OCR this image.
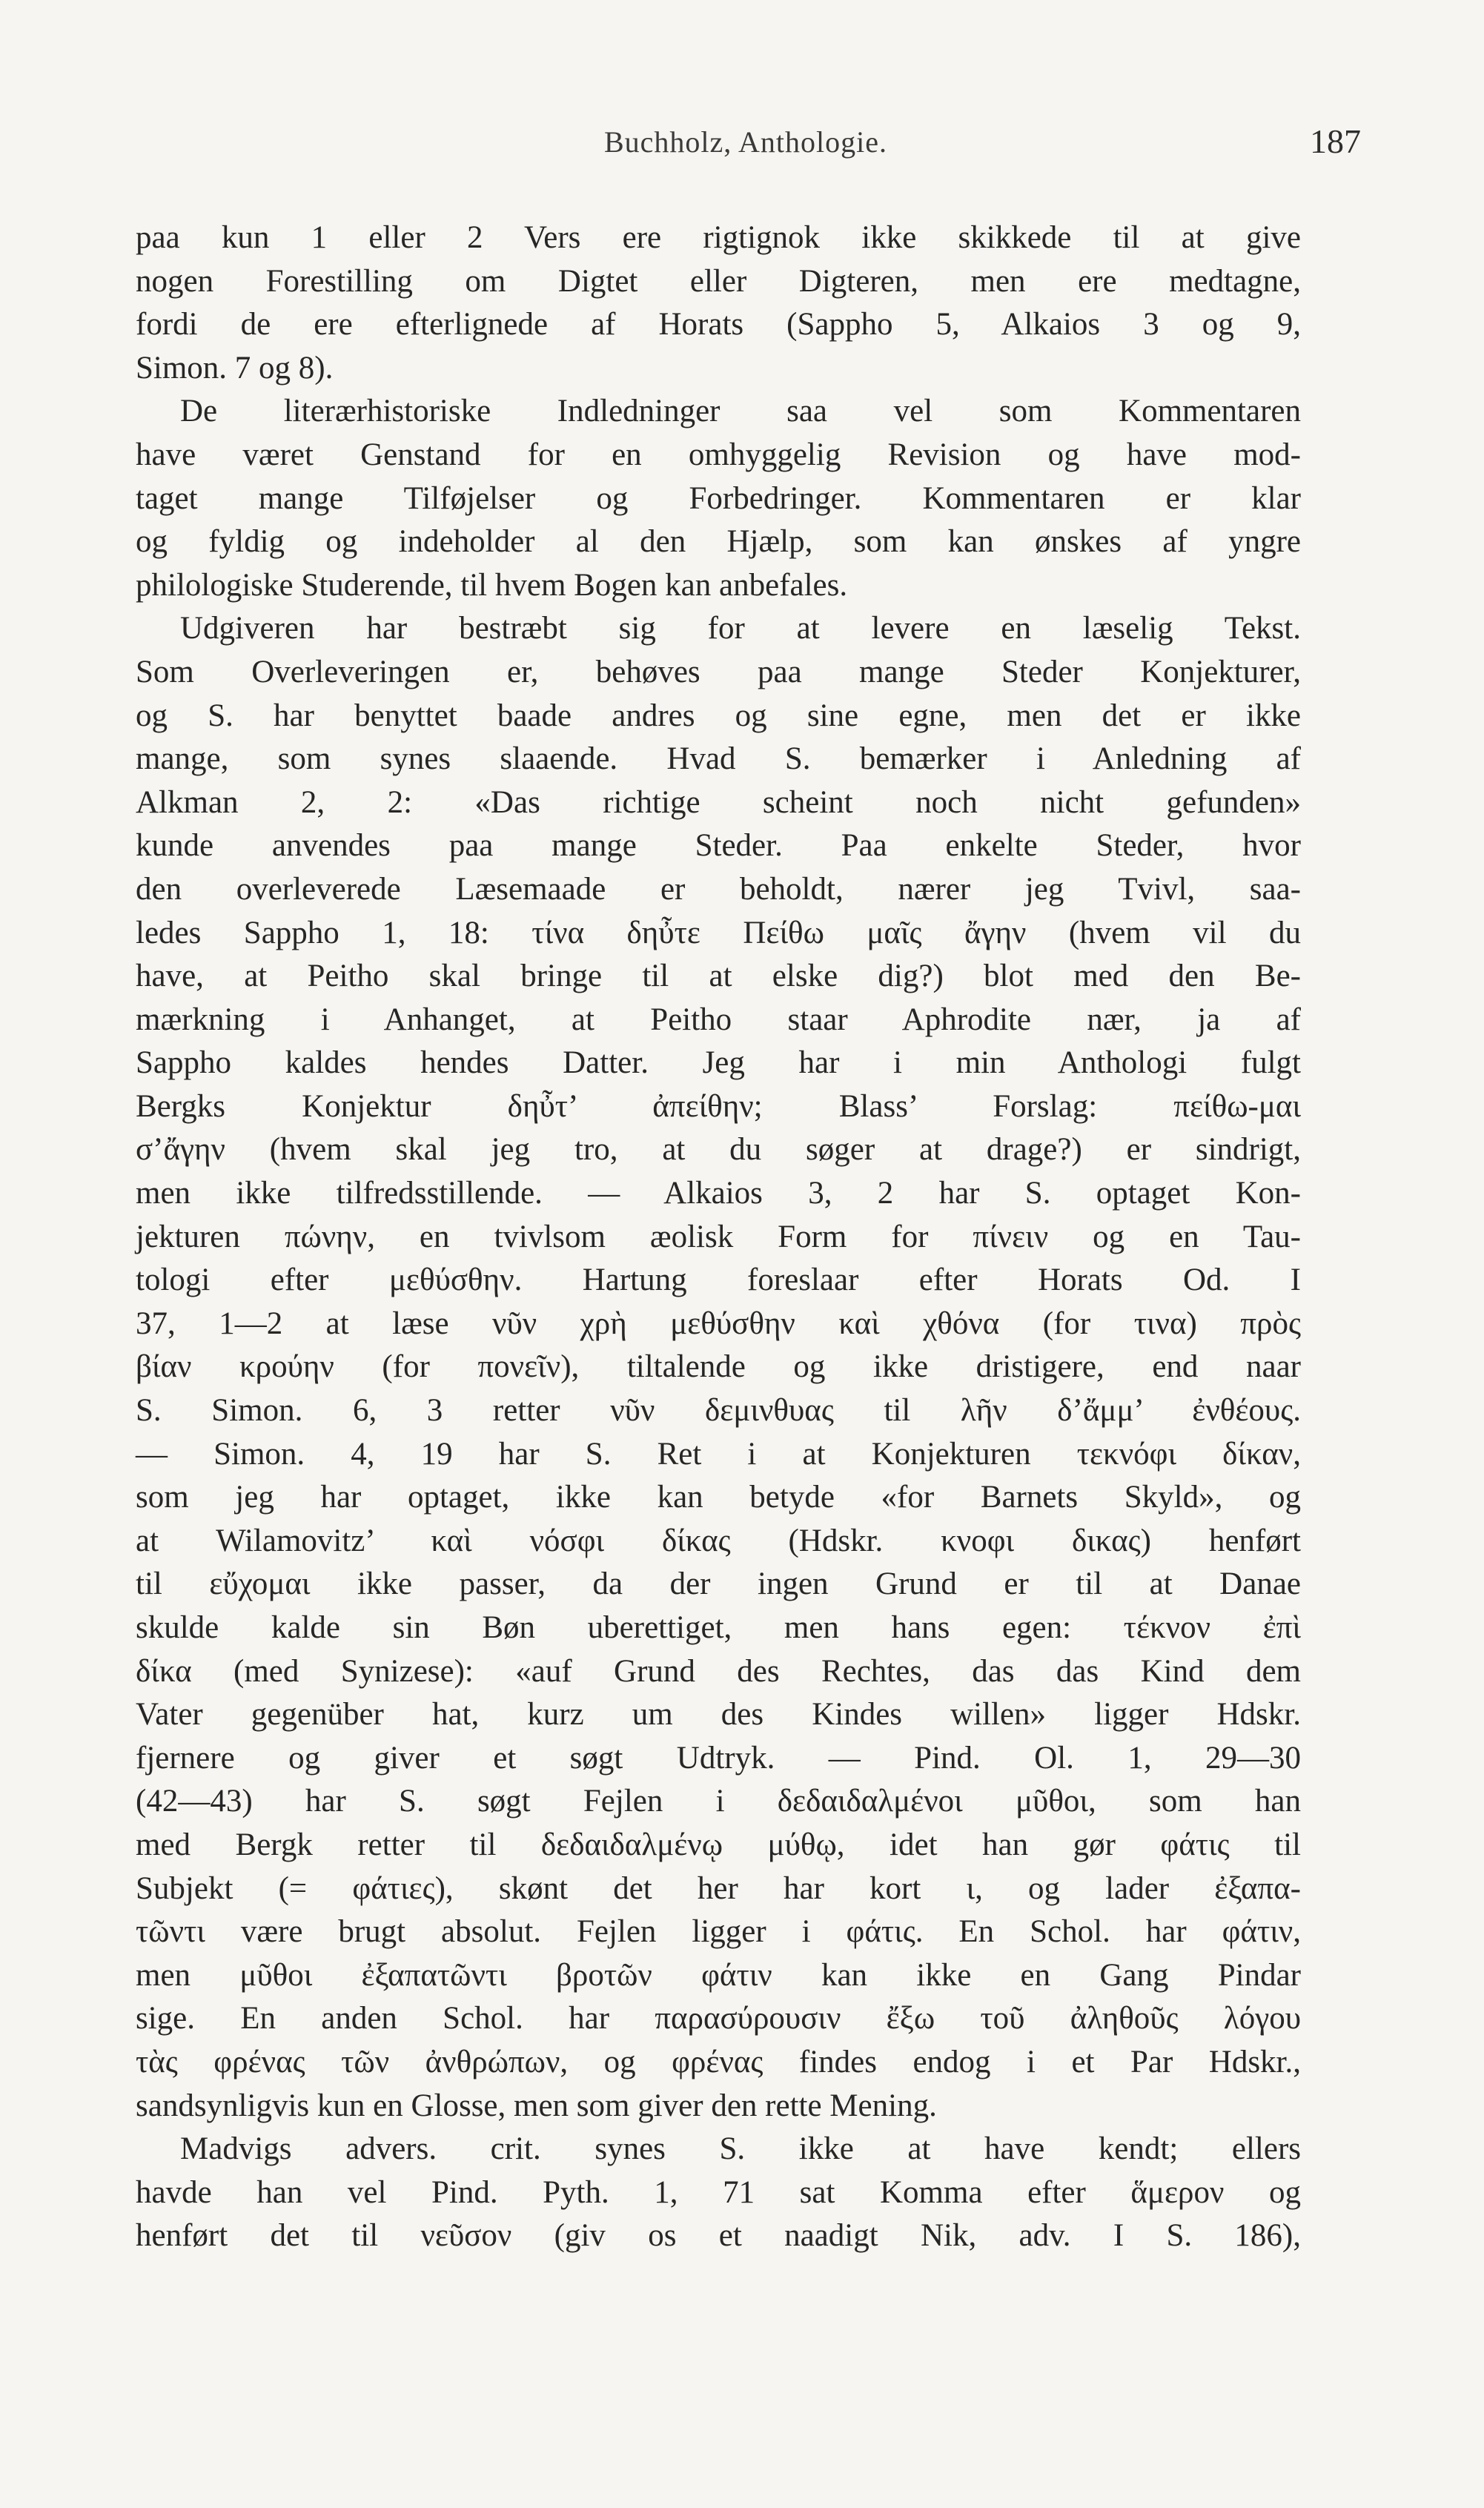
Buchholz, Anthologie.	187
paa kun 1 eller 2 Vers ere rigtignok ikke skikkede til at give
nogen Forestilling om Digtet eller Digteren, men ere medtagne,
fordi de ere efterlignede af Horats (Sappho 5, Alkaios 3 og 9,
Simon. 7 og 8).
De literærhistoriske Indledninger saa vel som Kommentaren
have været Genstand for en omhyggelig Revision og have mod-
taget mange Tilføjelser og Forbedringer. Kommentaren er klar
og fyldig og indeholder al den Hjælp, som kan ønskes af yngre
philologiske Studerende, til hvem Bogen kan anbefales.
Udgiveren har bestræbt sig for at levere en læselig Tekst.
Som Overleveringen er, behøves paa mange Steder Konjekturer,
og S. har benyttet baade andres og sine egne, men det er ikke
mange, som synes slaaende. Hvad S. bemærker i Anledning af
Alkman 2, 2: «Das richtige scheint noch nicht gefunden»
kunde anvendes paa mange Steder. Paa enkelte Steder, hvor
den overleverede Læsemaade er beholdt, nærer jeg Tvivl, saa-
ledes Sappho 1, 18: τίνα δηὖτε Πείθω μαῖς ἄγην (hvem vil du
have, at Peitho skal bringe til at elske dig?) blot med den Be-
mærkning i Anhanget, at Peitho staar Aphrodite nær, ja af
Sappho kaldes hendes Datter. Jeg har i min Anthologi fulgt
Bergks Konjektur δηὖτ’ ἀπείθην; Blass’ Forslag: πείθω-μαι
σ’ἄγην (hvem skal jeg tro, at du søger at drage?) er sindrigt,
men ikke tilfredsstillende. — Alkaios 3, 2 har S. optaget Kon-
jekturen πώνην, en tvivlsom æolisk Form for πίνειν og en Tau-
tologi efter μεθύσθην. Hartung foreslaar efter Horats Od. I
37, 1—2 at læse νῦν χρὴ μεθύσθην καὶ χθόνα (for τινα) πρὸς
βίαν κρούην (for πονεῖν), tiltalende og ikke dristigere, end naar
S. Simon. 6, 3 retter νῦν δεμινθυας til λῆν δ’ἄμμ’ ἐνθέους.
— Simon. 4, 19 har S. Ret i at Konjekturen τεκνόφι δίκαν,
som jeg har optaget, ikke kan betyde «for Barnets Skyld», og
at Wilamovitz’ καὶ νόσφι δίκας (Hdskr. κνοφι δικας) henført
til εὔχομαι ikke passer, da der ingen Grund er til at Danae
skulde kalde sin Bøn uberettiget, men hans egen: τέκνον ἐπὶ
δίκα (med Synizese): «auf Grund des Rechtes, das das Kind dem
Vater gegenüber hat, kurz um des Kindes willen» ligger Hdskr.
fjernere og giver et søgt Udtryk. — Pind. Ol. 1, 29—30
(42—43) har S. søgt Fejlen i δεδαιδαλμένοι μῦθοι, som han
med Bergk retter til δεδαιδαλμένῳ μύθῳ, idet han gør φάτις til
Subjekt (= φάτιες), skønt det her har kort ι, og lader ἐξαπα-
τῶντι være brugt absolut. Fejlen ligger i φάτις. En Schol. har φάτιν,
men μῦθοι ἐξαπατῶντι βροτῶν φάτιν kan ikke en Gang Pindar
sige. En anden Schol. har παρασύρουσιν ἔξω τοῦ ἀληθοῦς λόγου
τὰς φρένας τῶν ἀνθρώπων, og φρένας findes endog i et Par Hdskr.,
sandsynligvis kun en Glosse, men som giver den rette Mening.
Madvigs advers. crit. synes S. ikke at have kendt; ellers
havde han vel Pind. Pyth. 1, 71 sat Komma efter ἅμερον og
henført det til νεῦσον (giv os et naadigt Nik, adv. I S. 186),
